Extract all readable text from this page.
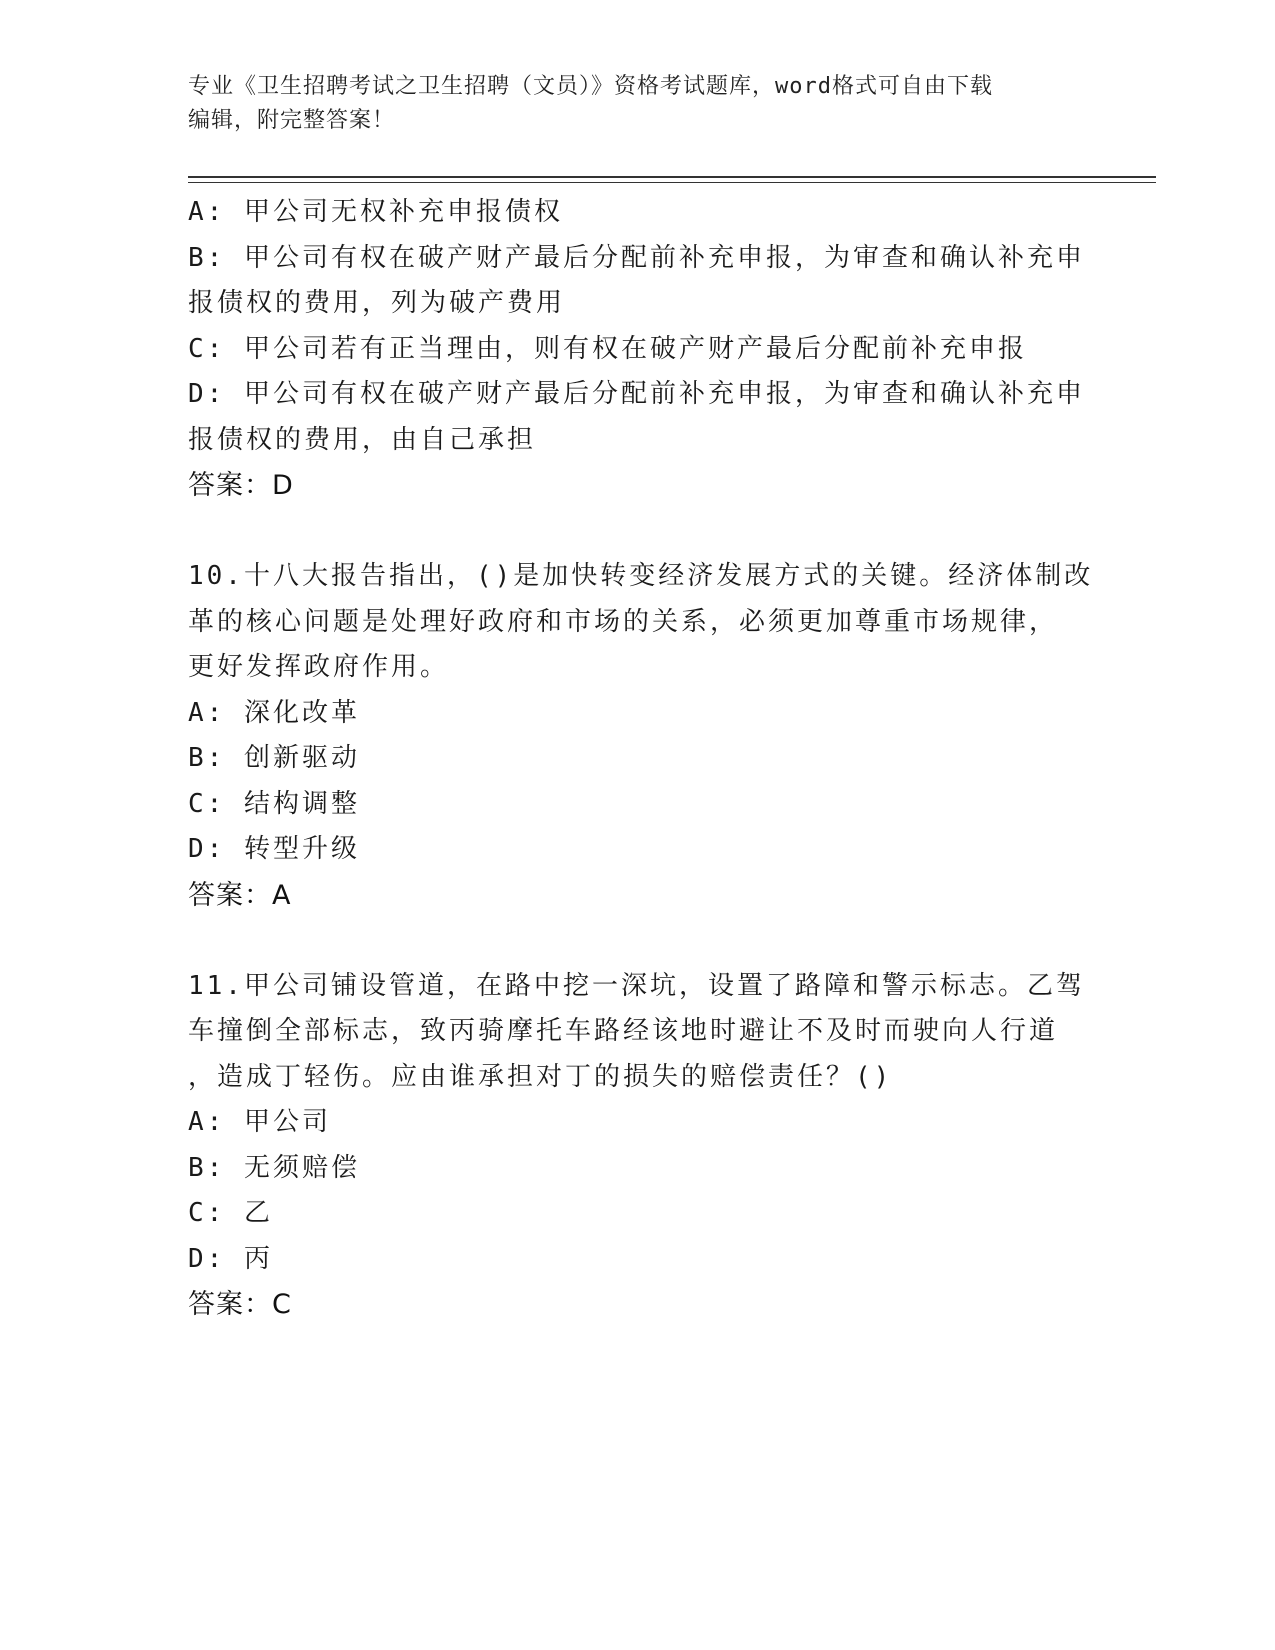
专业《卫生招聘考试之卫生招聘（文员）》资格考试题库，word格式可自由下载
编辑，附完整答案！
A: 甲公司无权补充申报债权
B: 甲公司有权在破产财产最后分配前补充申报，为审查和确认补充申
报债权的费用，列为破产费用
C: 甲公司若有正当理由，则有权在破产财产最后分配前补充申报
D: 甲公司有权在破产财产最后分配前补充申报，为审查和确认补充申
报债权的费用，由自己承担
答案：D
10.十八大报告指出，()是加快转变经济发展方式的关键。经济体制改
革的核心问题是处理好政府和市场的关系，必须更加尊重市场规律，
更好发挥政府作用。
A: 深化改革
B: 创新驱动
C: 结构调整
D: 转型升级
答案：A
11.甲公司铺设管道，在路中挖一深坑，设置了路障和警示标志。乙驾
车撞倒全部标志，致丙骑摩托车路经该地时避让不及时而驶向人行道
，造成丁轻伤。应由谁承担对丁的损失的赔偿责任？()
A: 甲公司
B: 无须赔偿
C: 乙
D: 丙
答案：C
